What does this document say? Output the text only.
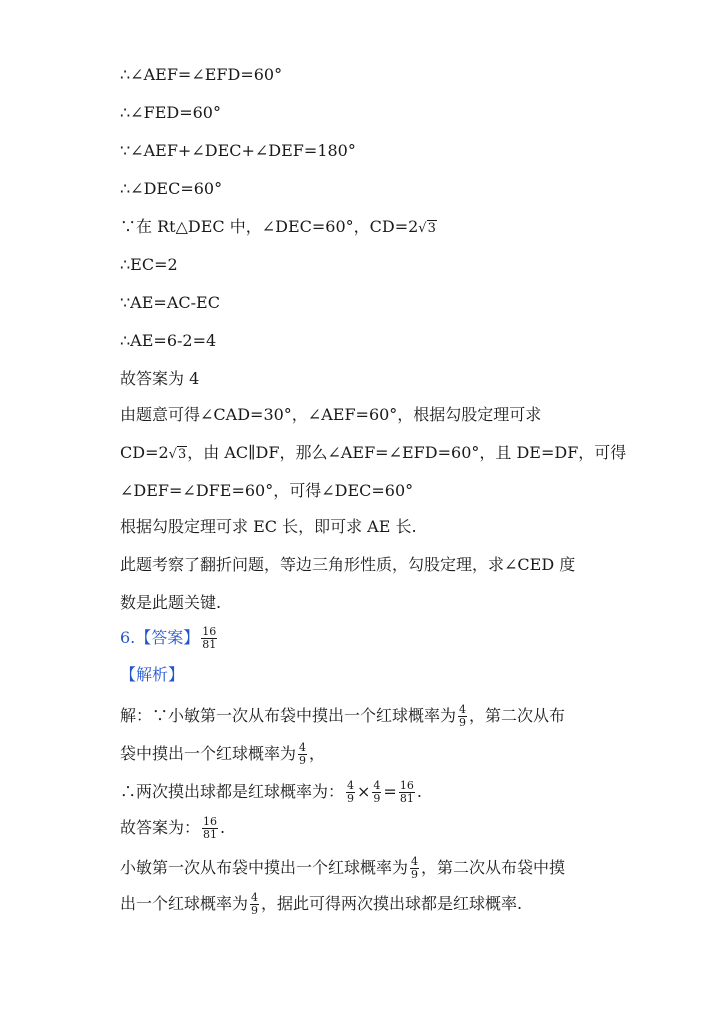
∴∠AEF=∠EFD=60°
∴∠FED=60°
∵∠AEF+∠DEC+∠DEF=180°
∴∠DEC=60°
∵在 Rt△DEC 中，∠DEC=60°，CD=2√3
∴EC=2
∵AE=AC-EC
∴AE=6-2=4
故答案为 4
由题意可得∠CAD=30°，∠AEF=60°，根据勾股定理可求
CD=2√3，由 AC∥DF，那么∠AEF=∠EFD=60°，且 DE=DF，可得
∠DEF=∠DFE=60°，可得∠DEC=60°
根据勾股定理可求 EC 长，即可求 AE 长.
此题考察了翻折问题，等边三角形性质，勾股定理，求∠CED 度
数是此题关键.
6.【答案】 $\frac{16}{81}$
【解析】
解：∵小敏第一次从布袋中摸出一个红球概率为 $\frac{4}{9}$ ，第二次从布
袋中摸出一个红球概率为 $\frac{4}{9}$ ，
∴两次摸出球都是红球概率为： $\frac{4}{9} \times \frac{4}{9} = \frac{16}{81}$ .
故答案为： $\frac{16}{81}$ .
小敏第一次从布袋中摸出一个红球概率为 $\frac{4}{9}$ ，第二次从布袋中摸
出一个红球概率为 $\frac{4}{9}$ ，据此可得两次摸出球都是红球概率.
